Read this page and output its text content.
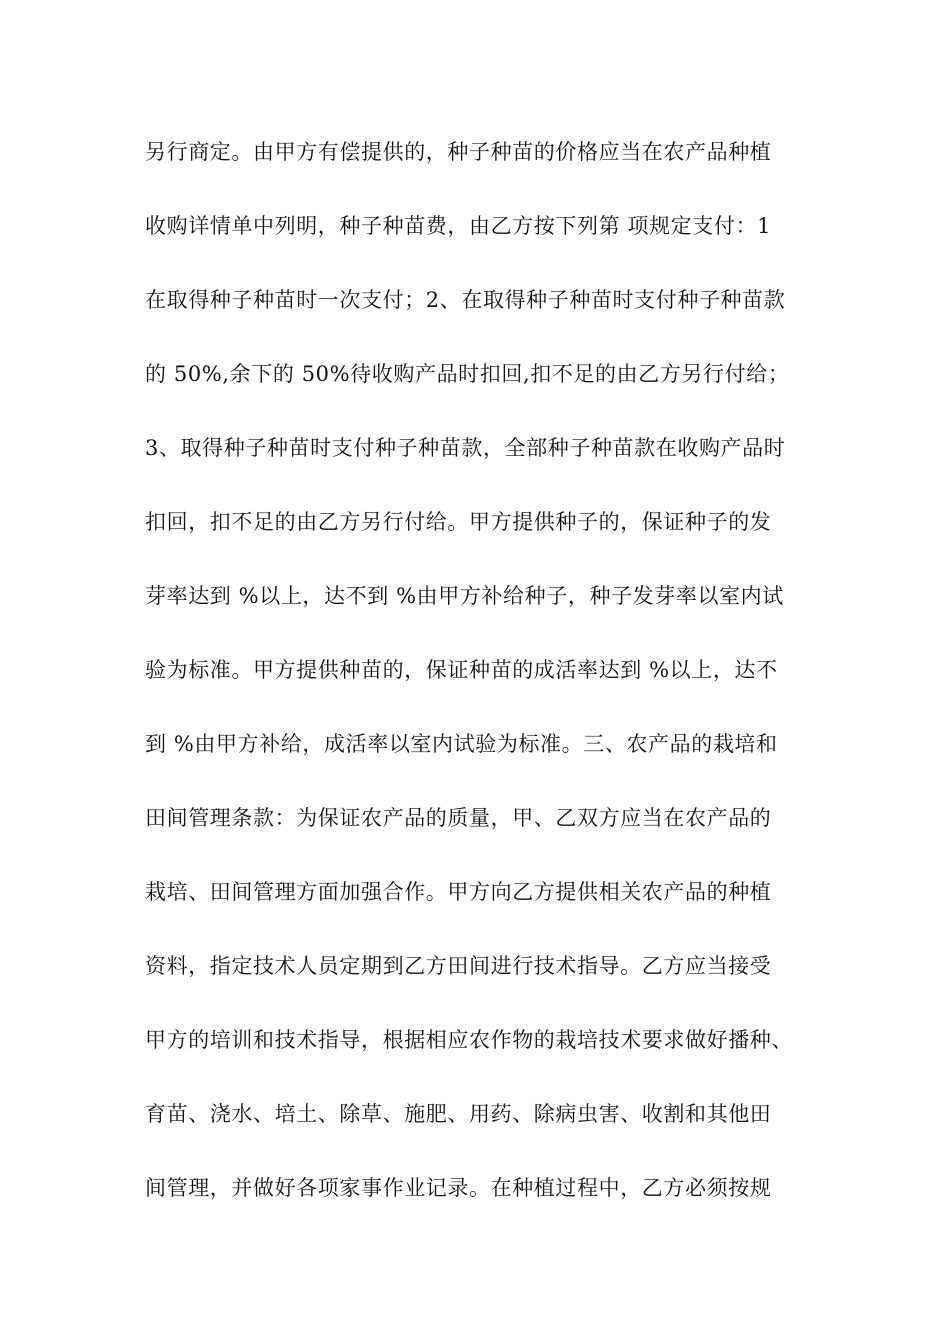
另行商定。由甲方有偿提供的，种子种苗的价格应当在农产品种植
收购详情单中列明，种子种苗费，由乙方按下列第 项规定支付：1
在取得种子种苗时一次支付；2、在取得种子种苗时支付种子种苗款
的 50%,余下的 50%待收购产品时扣回,扣不足的由乙方另行付给；
3、取得种子种苗时支付种子种苗款，全部种子种苗款在收购产品时
扣回，扣不足的由乙方另行付给。甲方提供种子的，保证种子的发
芽率达到 %以上，达不到 %由甲方补给种子，种子发芽率以室内试
验为标准。甲方提供种苗的，保证种苗的成活率达到 %以上，达不
到 %由甲方补给，成活率以室内试验为标准。三、农产品的栽培和
田间管理条款：为保证农产品的质量，甲、乙双方应当在农产品的
栽培、田间管理方面加强合作。甲方向乙方提供相关农产品的种植
资料，指定技术人员定期到乙方田间进行技术指导。乙方应当接受
甲方的培训和技术指导，根据相应农作物的栽培技术要求做好播种、
育苗、浇水、培土、除草、施肥、用药、除病虫害、收割和其他田
间管理，并做好各项家事作业记录。在种植过程中，乙方必须按规
